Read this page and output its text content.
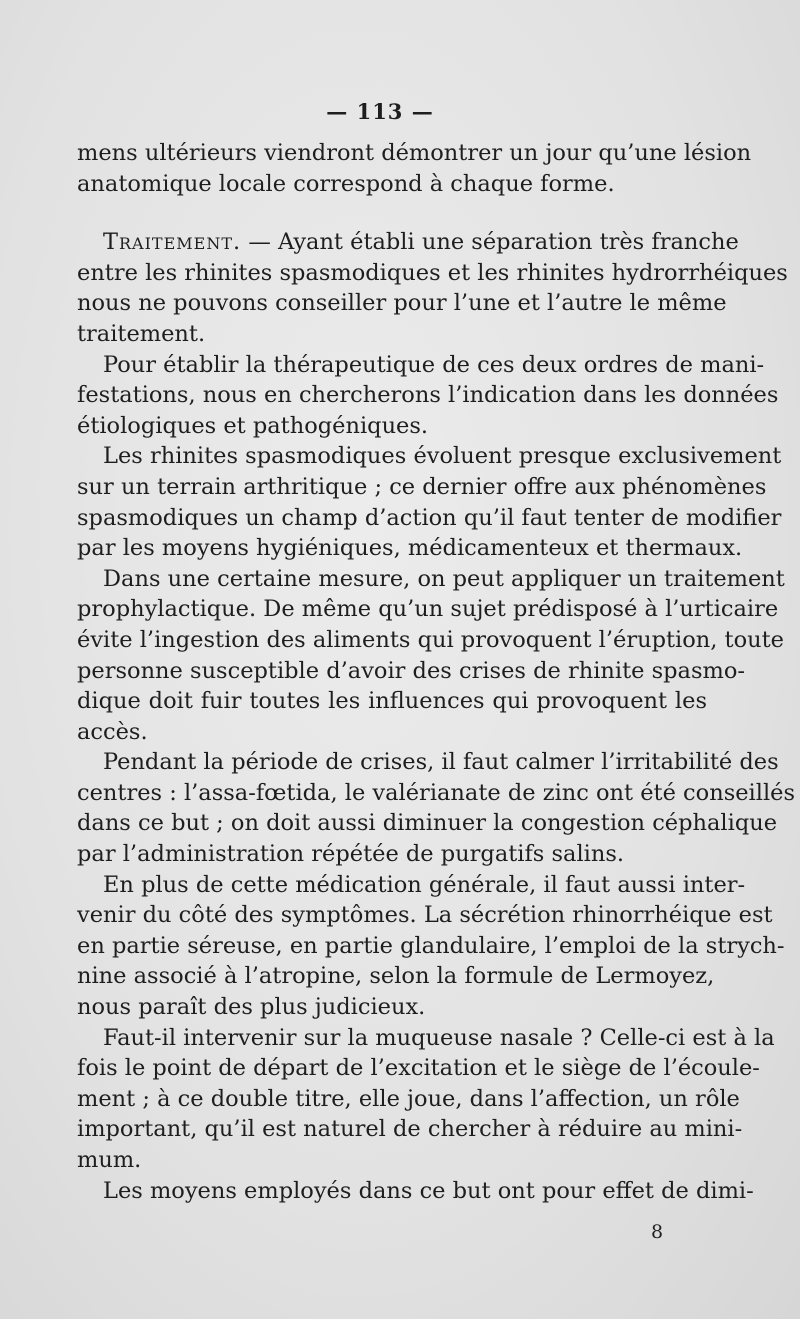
— 113 —
mens ultérieurs viendront démontrer un jour qu’une lésion
anatomique locale correspond à chaque forme.
Traitement. — Ayant établi une séparation très franche
entre les rhinites spasmodiques et les rhinites hydrorrhéiques
nous ne pouvons conseiller pour l’une et l’autre le même
traitement.
Pour établir la thérapeutique de ces deux ordres de mani-
festations, nous en chercherons l’indication dans les données
étiologiques et pathogéniques.
Les rhinites spasmodiques évoluent presque exclusivement
sur un terrain arthritique ; ce dernier offre aux phénomènes
spasmodiques un champ d’action qu’il faut tenter de modifier
par les moyens hygiéniques, médicamenteux et thermaux.
Dans une certaine mesure, on peut appliquer un traitement
prophylactique. De même qu’un sujet prédisposé à l’urticaire
évite l’ingestion des aliments qui provoquent l’éruption, toute
personne susceptible d’avoir des crises de rhinite spasmo-
dique doit fuir toutes les influences qui provoquent les
accès.
Pendant la période de crises, il faut calmer l’irritabilité des
centres : l’assa-fœtida, le valérianate de zinc ont été conseillés
dans ce but ; on doit aussi diminuer la congestion céphalique
par l’administration répétée de purgatifs salins.
En plus de cette médication générale, il faut aussi inter-
venir du côté des symptômes. La sécrétion rhinorrhéique est
en partie séreuse, en partie glandulaire, l’emploi de la strych-
nine associé à l’atropine, selon la formule de Lermoyez,
nous paraît des plus judicieux.
Faut-il intervenir sur la muqueuse nasale ? Celle-ci est à la
fois le point de départ de l’excitation et le siège de l’écoule-
ment ; à ce double titre, elle joue, dans l’affection, un rôle
important, qu’il est naturel de chercher à réduire au mini-
mum.
Les moyens employés dans ce but ont pour effet de dimi-
8
